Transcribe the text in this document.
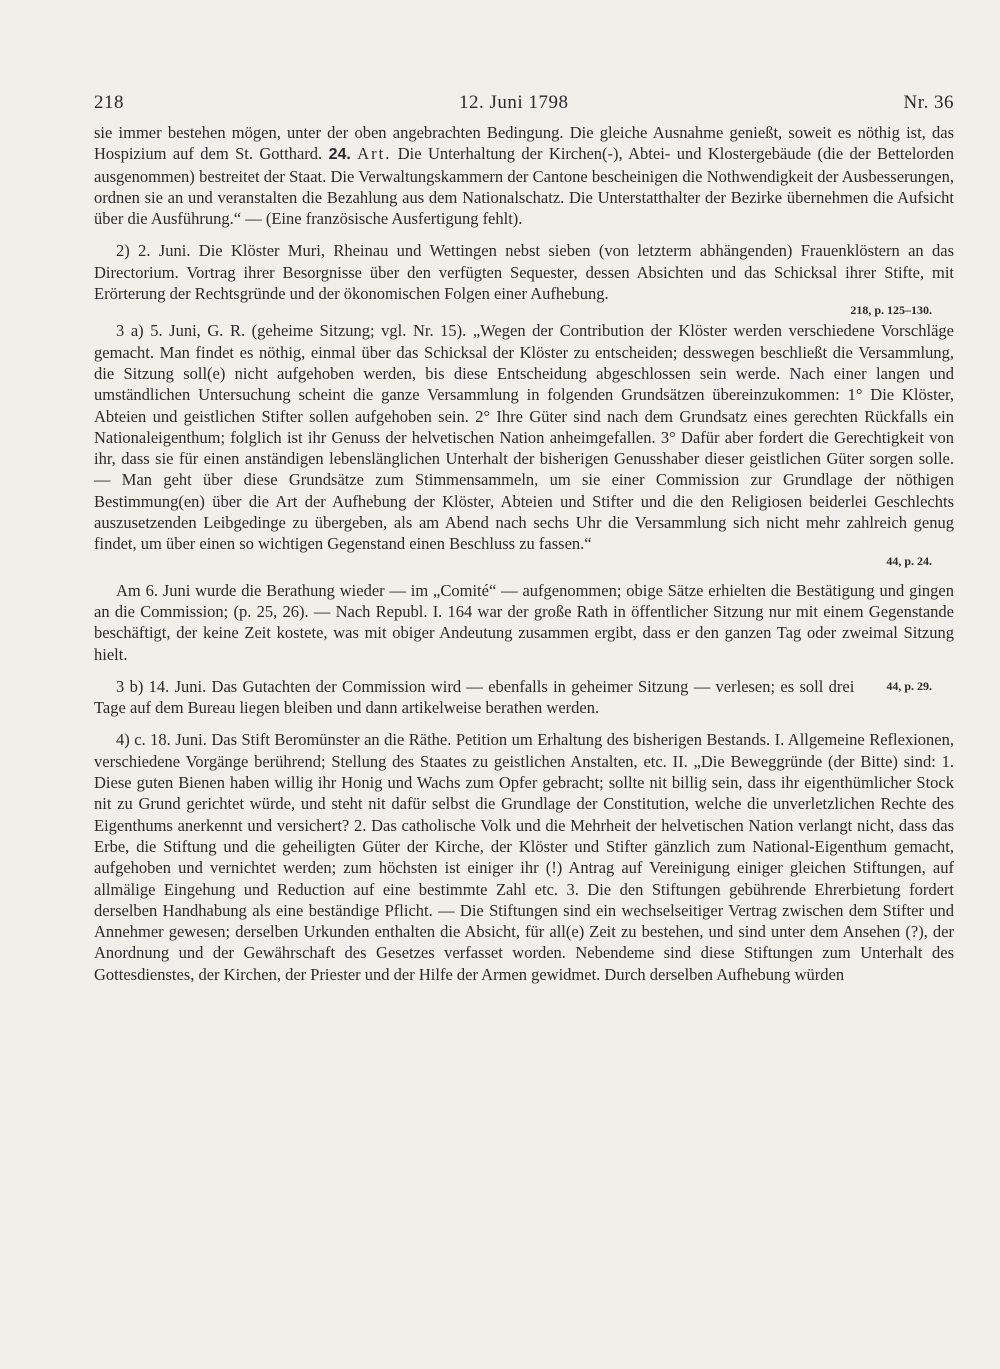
218	12. Juni 1798	Nr. 36

sie immer bestehen mögen, unter der oben angebrachten Bedingung. Die gleiche Ausnahme genießt, soweit es nöthig ist, das Hospizium auf dem St. Gotthard. 24. Art. Die Unterhaltung der Kirchen(-), Abtei- und Klostergebäude (die der Bettelorden ausgenommen) bestreitet der Staat. Die Verwaltungskammern der Cantone bescheinigen die Nothwendigkeit der Ausbesserungen, ordnen sie an und veranstalten die Bezahlung aus dem Nationalschatz. Die Unterstatthalter der Bezirke übernehmen die Aufsicht über die Ausführung.“ — (Eine französische Ausfertigung fehlt).

2) 2. Juni. Die Klöster Muri, Rheinau und Wettingen nebst sieben (von letzterm abhängenden) Frauenklöstern an das Directorium. Vortrag ihrer Besorgnisse über den verfügten Sequester, dessen Absichten und das Schicksal ihrer Stifte, mit Erörterung der Rechtsgründe und der ökonomischen Folgen einer Aufhebung.

218, p. 125–130.

3 a) 5. Juni, G. R. (geheime Sitzung; vgl. Nr. 15). „Wegen der Contribution der Klöster werden verschiedene Vorschläge gemacht. Man findet es nöthig, einmal über das Schicksal der Klöster zu entscheiden; desswegen beschließt die Versammlung, die Sitzung soll(e) nicht aufgehoben werden, bis diese Entscheidung abgeschlossen sein werde. Nach einer langen und umständlichen Untersuchung scheint die ganze Versammlung in folgenden Grundsätzen übereinzukommen: 1° Die Klöster, Abteien und geistlichen Stifter sollen aufgehoben sein. 2° Ihre Güter sind nach dem Grundsatz eines gerechten Rückfalls ein Nationaleigenthum; folglich ist ihr Genuss der helvetischen Nation anheimgefallen. 3° Dafür aber fordert die Gerechtigkeit von ihr, dass sie für einen anständigen lebenslänglichen Unterhalt der bisherigen Genusshaber dieser geistlichen Güter sorgen solle. — Man geht über diese Grundsätze zum Stimmensammeln, um sie einer Commission zur Grundlage der nöthigen Bestimmung(en) über die Art der Aufhebung der Klöster, Abteien und Stifter und die den Religiosen beiderlei Geschlechts auszusetzenden Leibgedinge zu übergeben, als am Abend nach sechs Uhr die Versammlung sich nicht mehr zahlreich genug findet, um über einen so wichtigen Gegenstand einen Beschluss zu fassen.“

44, p. 24.

Am 6. Juni wurde die Berathung wieder — im „Comité“ — aufgenommen; obige Sätze erhielten die Bestätigung und gingen an die Commission; (p. 25, 26). — Nach Republ. I. 164 war der große Rath in öffentlicher Sitzung nur mit einem Gegenstande beschäftigt, der keine Zeit kostete, was mit obiger Andeutung zusammen ergibt, dass er den ganzen Tag oder zweimal Sitzung hielt.

44, p. 29.
3 b) 14. Juni. Das Gutachten der Commission wird — ebenfalls in geheimer Sitzung — verlesen; es soll drei Tage auf dem Bureau liegen bleiben und dann artikelweise berathen werden.

4) c. 18. Juni. Das Stift Beromünster an die Räthe. Petition um Erhaltung des bisherigen Bestands. I. Allgemeine Reflexionen, verschiedene Vorgänge berührend; Stellung des Staates zu geistlichen Anstalten, etc. II. „Die Beweggründe (der Bitte) sind: 1. Diese guten Bienen haben willig ihr Honig und Wachs zum Opfer gebracht; sollte nit billig sein, dass ihr eigenthümlicher Stock nit zu Grund gerichtet würde, und steht nit dafür selbst die Grundlage der Constitution, welche die unverletzlichen Rechte des Eigenthums anerkennt und versichert? 2. Das catholische Volk und die Mehrheit der helvetischen Nation verlangt nicht, dass das Erbe, die Stiftung und die geheiligten Güter der Kirche, der Klöster und Stifter gänzlich zum National-Eigenthum gemacht, aufgehoben und vernichtet werden; zum höchsten ist einiger ihr (!) Antrag auf Vereinigung einiger gleichen Stiftungen, auf allmälige Eingehung und Reduction auf eine bestimmte Zahl etc. 3. Die den Stiftungen gebührende Ehrerbietung fordert derselben Handhabung als eine beständige Pflicht. — Die Stiftungen sind ein wechselseitiger Vertrag zwischen dem Stifter und Annehmer gewesen; derselben Urkunden enthalten die Absicht, für all(e) Zeit zu bestehen, und sind unter dem Ansehen (?), der Anordnung und der Gewährschaft des Gesetzes verfasset worden. Nebendeme sind diese Stiftungen zum Unterhalt des Gottesdienstes, der Kirchen, der Priester und der Hilfe der Armen gewidmet. Durch derselben Aufhebung würden
